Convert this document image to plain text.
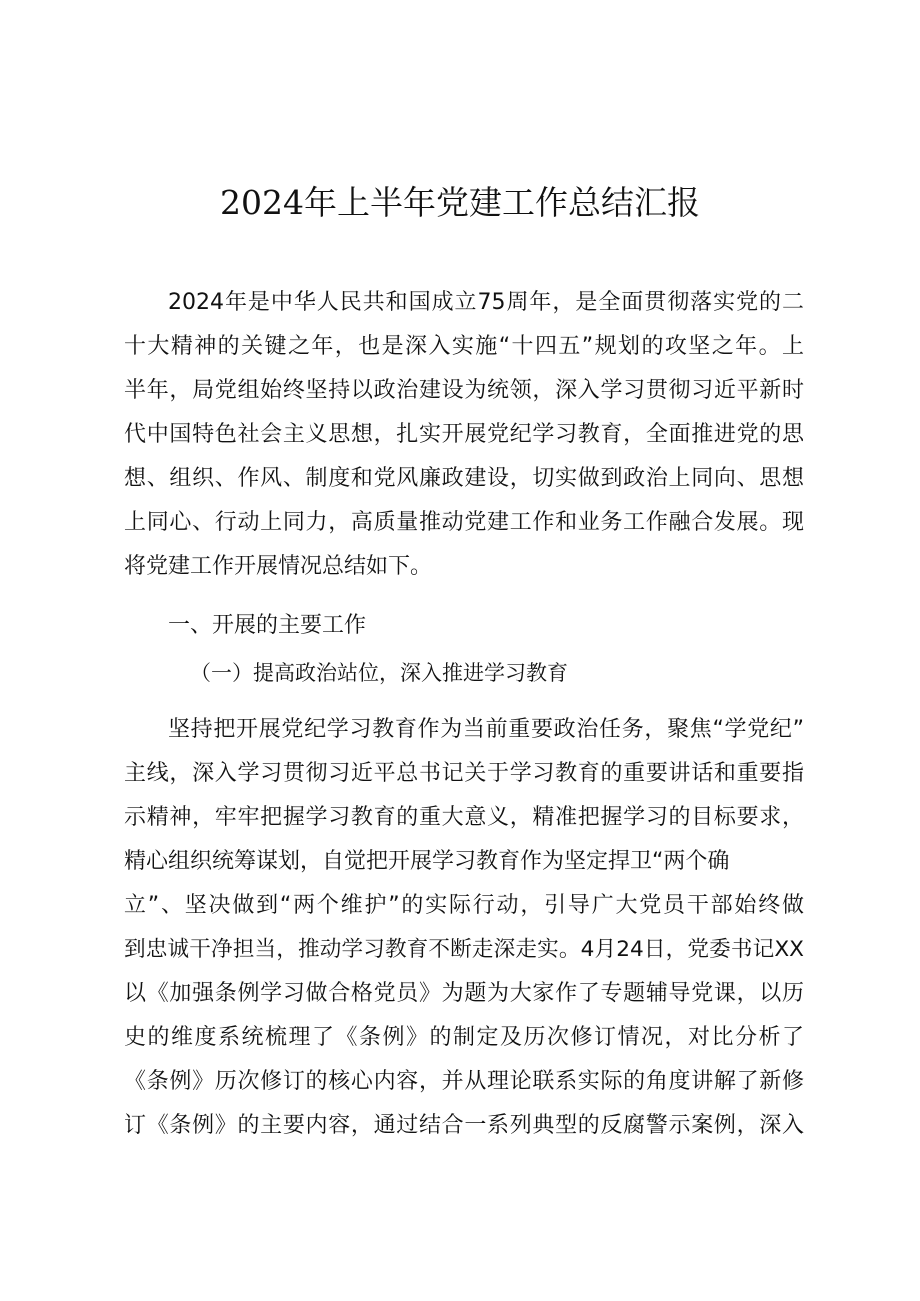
2024年上半年党建工作总结汇报
2024年是中华人民共和国成立75周年，是全面贯彻落实党的二
十大精神的关键之年，也是深入实施“十四五”规划的攻坚之年。上
半年，局党组始终坚持以政治建设为统领，深入学习贯彻习近平新时
代中国特色社会主义思想，扎实开展党纪学习教育，全面推进党的思
想、组织、作风、制度和党风廉政建设，切实做到政治上同向、思想
上同心、行动上同力，高质量推动党建工作和业务工作融合发展。现
将党建工作开展情况总结如下。
一、开展的主要工作
（一）提高政治站位，深入推进学习教育
坚持把开展党纪学习教育作为当前重要政治任务，聚焦“学党纪”
主线，深入学习贯彻习近平总书记关于学习教育的重要讲话和重要指
示精神，牢牢把握学习教育的重大意义，精准把握学习的目标要求，
精心组织统筹谋划，自觉把开展学习教育作为坚定捍卫“两个确
立”、坚决做到“两个维护”的实际行动，引导广大党员干部始终做
到忠诚干净担当，推动学习教育不断走深走实。4月24日，党委书记XX
以《加强条例学习做合格党员》为题为大家作了专题辅导党课，以历
史的维度系统梳理了《条例》的制定及历次修订情况，对比分析了
《条例》历次修订的核心内容，并从理论联系实际的角度讲解了新修
订《条例》的主要内容，通过结合一系列典型的反腐警示案例，深入
